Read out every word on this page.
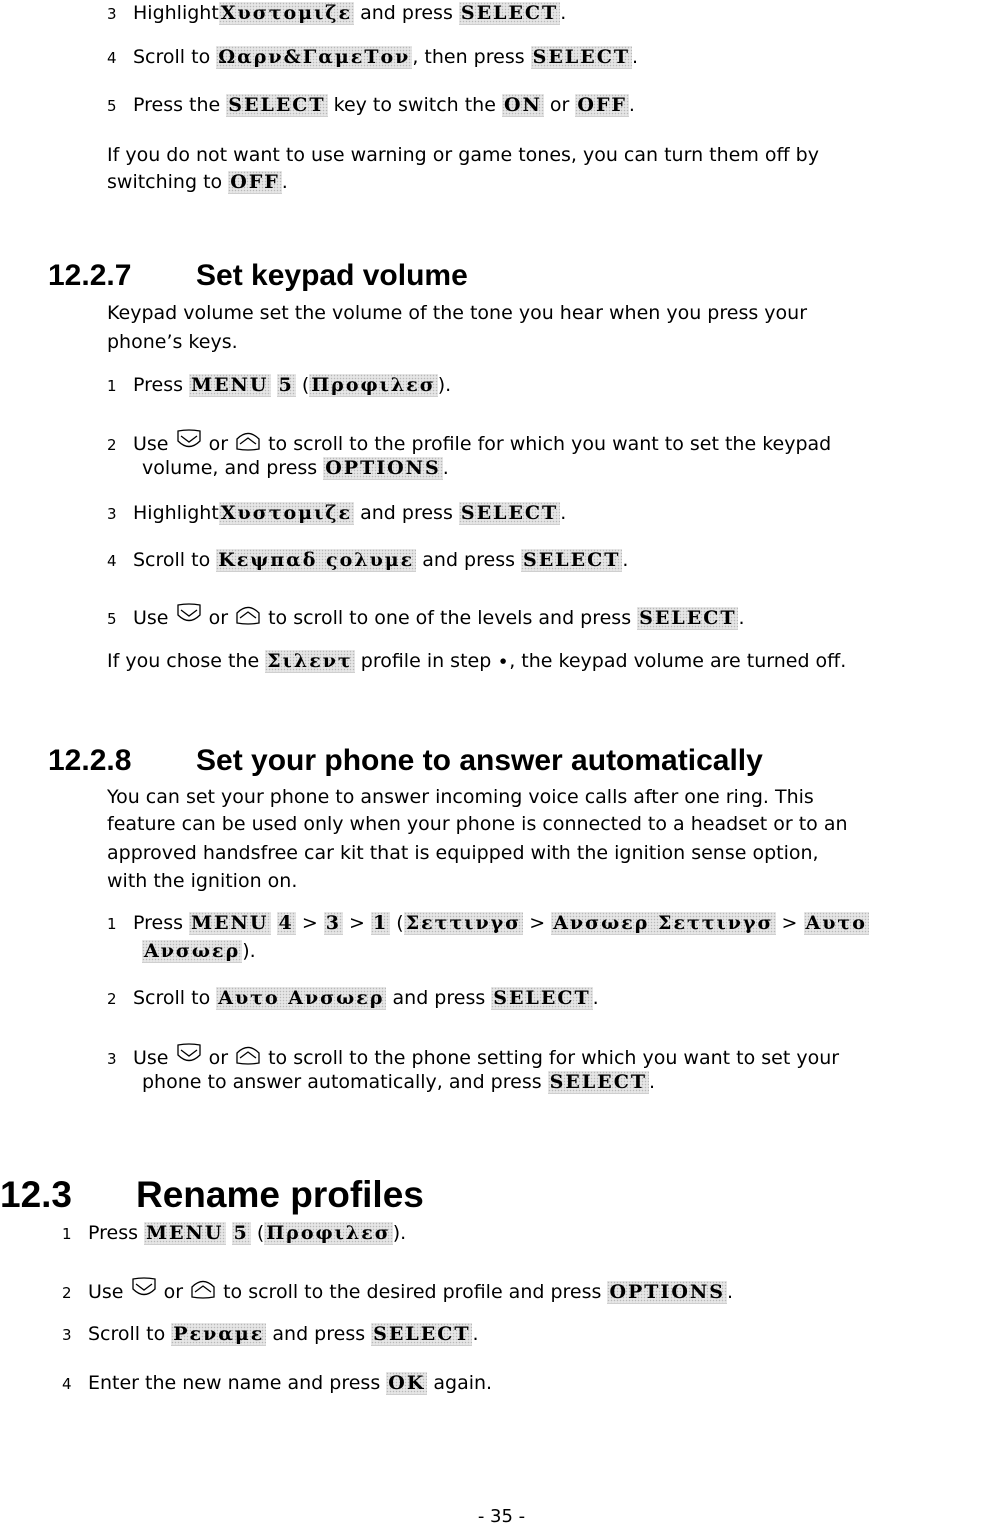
3 Highlight Χυστομιζε and press SELECT .
4 Scroll to Ωαρν&ΓαμεΤον , then press SELECT .
5 Press the SELECT key to switch the ON or OFF .
If you do not want to use warning or game tones, you can turn them off by
switching to OFF .
12.2.7 Set keypad volume
Keypad volume set the volume of the tone you hear when you press your
phone’s keys.
1 Press MENU 5 ( Προφιλεσ ).
2 Use
or
to scroll to the profile for which you want to set the keypad
volume, and press OPTIONS .
3 Highlight Χυστομιζε and press SELECT .
4 Scroll to Κεψπαδ ςολυμε and press SELECT .
5 Use
or
to scroll to one of the levels and press SELECT .
If you chose the Σιλεντ profile in step ∙, the keypad volume are turned off.
12.2.8 Set your phone to answer automatically
You can set your phone to answer incoming voice calls after one ring. This
feature can be used only when your phone is connected to a headset or to an
approved handsfree car kit that is equipped with the ignition sense option,
with the ignition on.
1 Press MENU 4 > 3 > 1 ( Σεττινγσ > Ανσωερ Σεττινγσ > Αυτο
Ανσωερ ).
2 Scroll to Αυτο Ανσωερ and press SELECT .
3 Use
or
to scroll to the phone setting for which you want to set your
phone to answer automatically, and press SELECT .
12.3 Rename profiles
1 Press MENU 5 ( Προφιλεσ ).
2 Use
or
to scroll to the desired profile and press OPTIONS .
3 Scroll to Ρεναμε and press SELECT .
4 Enter the new name and press OK again.
- 35 -
